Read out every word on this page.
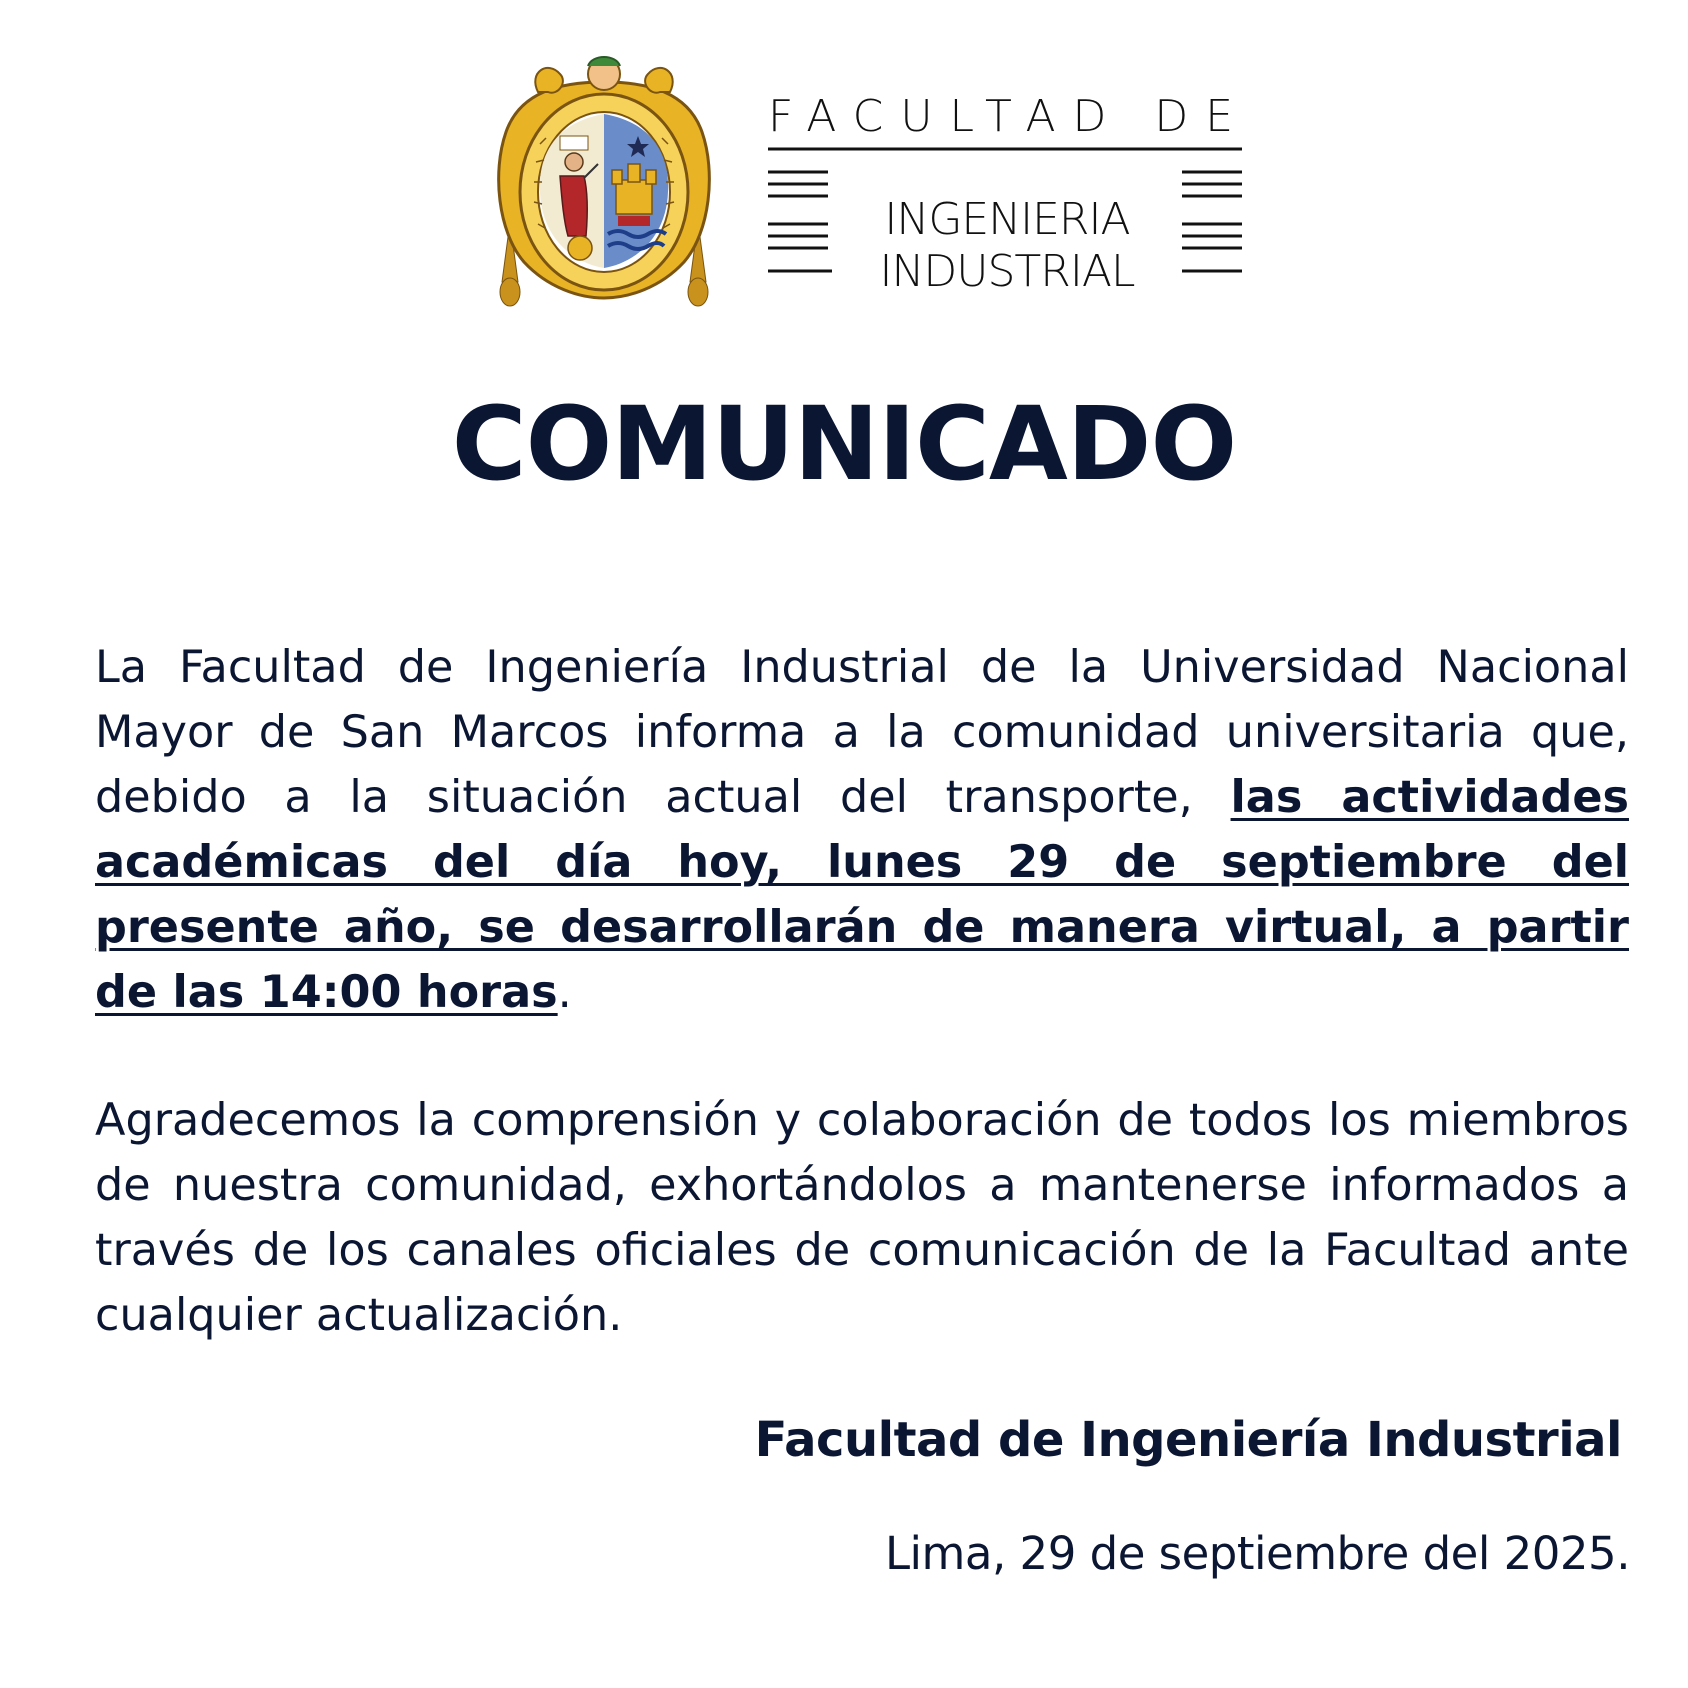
FACULTAD DE
INGENIERIA
INDUSTRIAL
COMUNICADO

La Facultad de Ingeniería Industrial de la Universidad Nacional Mayor de San Marcos informa a la comunidad universitaria que, debido a la situación actual del transporte, las actividades académicas del día hoy, lunes 29 de septiembre del presente año, se desarrollarán de manera virtual, a partir de las 14:00 horas.

Agradecemos la comprensión y colaboración de todos los miembros de nuestra comunidad, exhortándolos a mantenerse informados a través de los canales oficiales de comunicación de la Facultad ante cualquier actualización.

Facultad de Ingeniería Industrial
Lima, 29 de septiembre del 2025.
